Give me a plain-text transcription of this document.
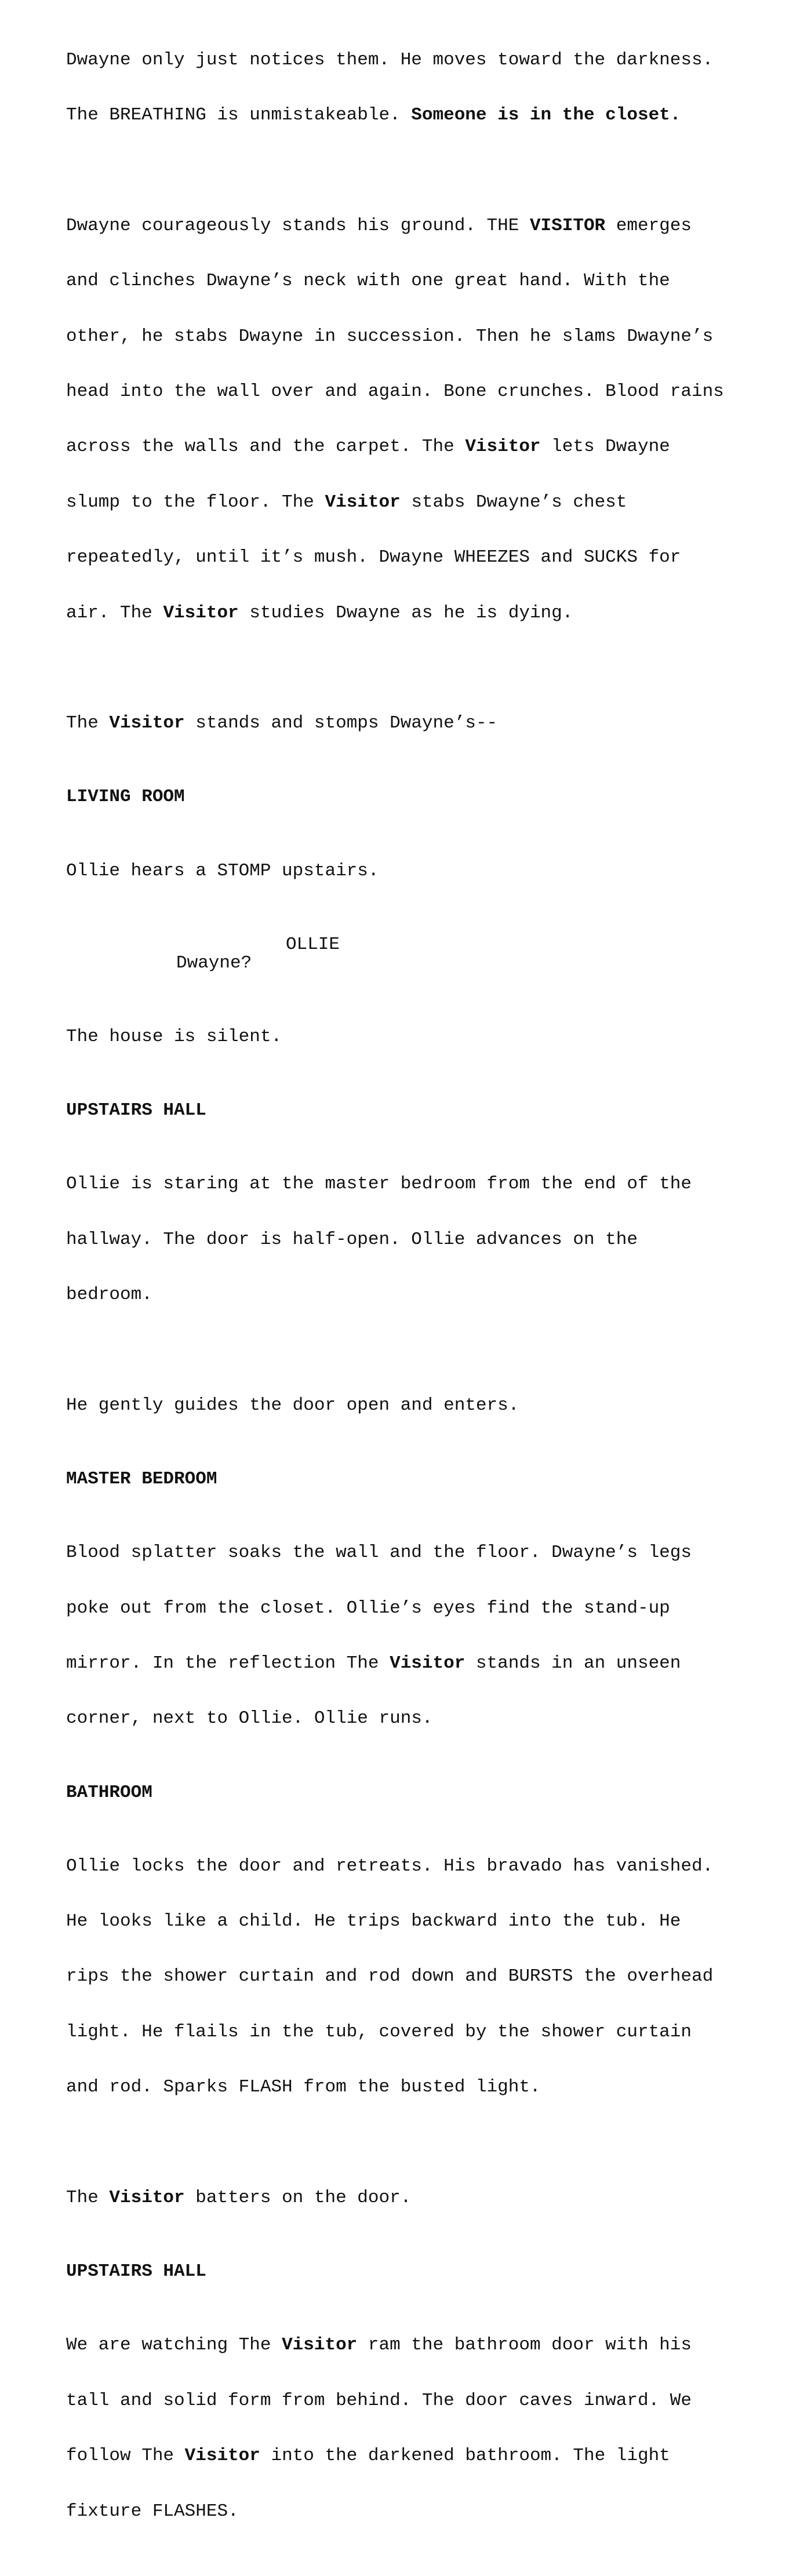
Dwayne only just notices them. He moves toward the darkness.

The BREATHING is unmistakeable. Someone is in the closet.

Dwayne courageously stands his ground. THE VISITOR emerges

and clinches Dwayne’s neck with one great hand. With the

other, he stabs Dwayne in succession. Then he slams Dwayne’s

head into the wall over and again. Bone crunches. Blood rains

across the walls and the carpet. The Visitor lets Dwayne

slump to the floor. The Visitor stabs Dwayne’s chest

repeatedly, until it’s mush. Dwayne WHEEZES and SUCKS for

air. The Visitor studies Dwayne as he is dying.

The Visitor stands and stomps Dwayne’s--

LIVING ROOM

Ollie hears a STOMP upstairs.

OLLIE
Dwayne?

The house is silent.

UPSTAIRS HALL

Ollie is staring at the master bedroom from the end of the

hallway. The door is half-open. Ollie advances on the

bedroom.

He gently guides the door open and enters.

MASTER BEDROOM

Blood splatter soaks the wall and the floor. Dwayne’s legs

poke out from the closet. Ollie’s eyes find the stand-up

mirror. In the reflection The Visitor stands in an unseen

corner, next to Ollie. Ollie runs.

BATHROOM

Ollie locks the door and retreats. His bravado has vanished.

He looks like a child. He trips backward into the tub. He

rips the shower curtain and rod down and BURSTS the overhead

light. He flails in the tub, covered by the shower curtain

and rod. Sparks FLASH from the busted light.

The Visitor batters on the door.

UPSTAIRS HALL

We are watching The Visitor ram the bathroom door with his

tall and solid form from behind. The door caves inward. We

follow The Visitor into the darkened bathroom. The light

fixture FLASHES.
